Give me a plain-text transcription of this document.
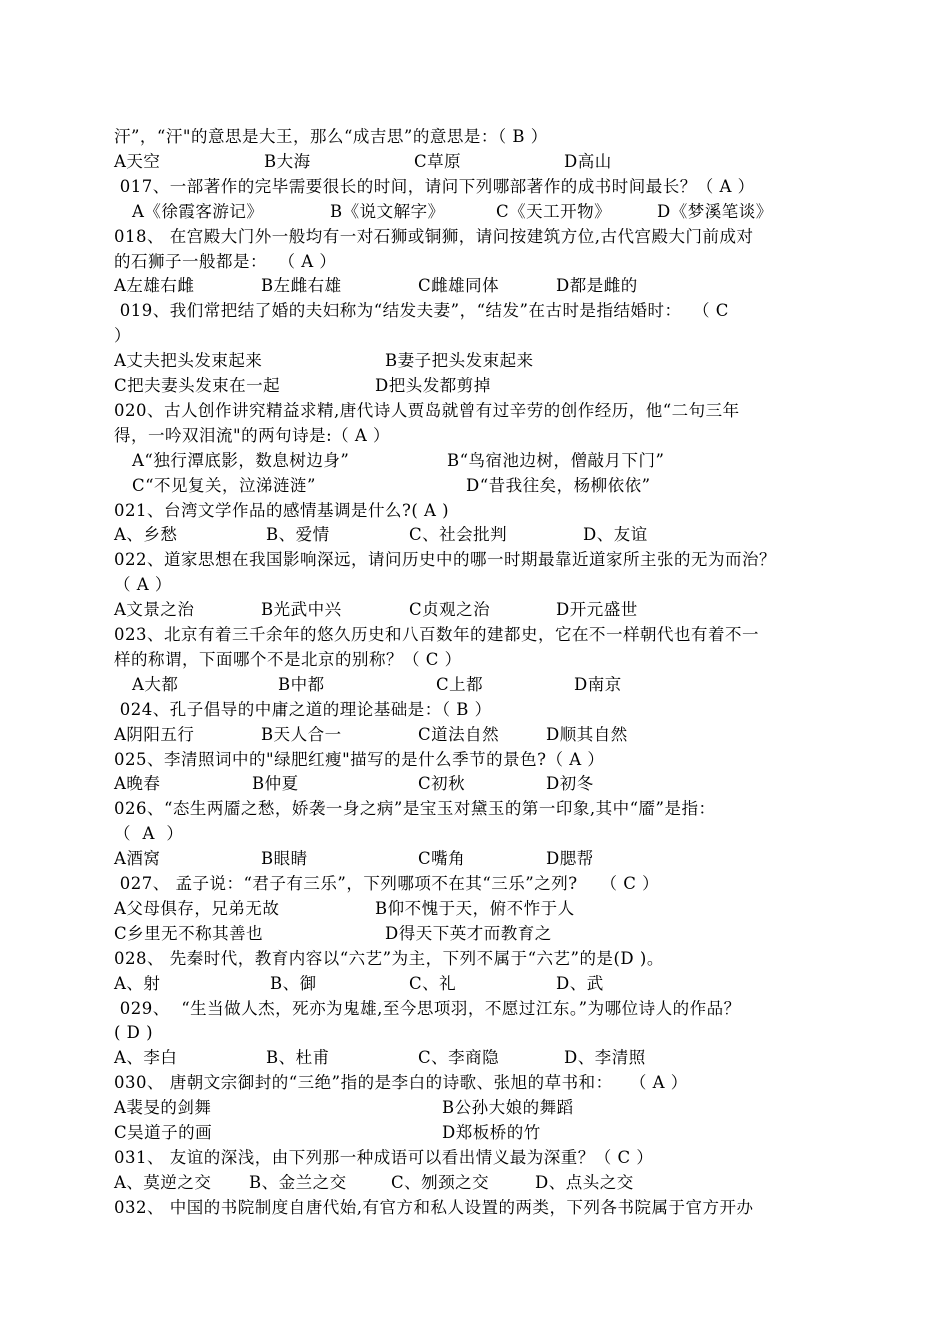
汗”，“汗"的意思是大王，那么“成吉思”的意思是：（ B ）
A天空	B大海	C草原	D高山
017、一部著作的完毕需要很长的时间，请问下列哪部著作的成书时间最长？（ A ）
A《徐霞客游记》	B《说文解字》	C《天工开物》	D《梦溪笔谈》
018、 在宫殿大门外一般均有一对石狮或铜狮，请问按建筑方位,古代宫殿大门前成对
的石狮子一般都是：  （ A ）
A左雄右雌	B左雌右雄	C雌雄同体	D都是雌的
019、我们常把结了婚的夫妇称为“结发夫妻”，“结发”在古时是指结婚时：  （ C
）
A丈夫把头发束起来	B妻子把头发束起来
C把夫妻头发束在一起	D把头发都剪掉
020、古人创作讲究精益求精,唐代诗人贾岛就曾有过辛劳的创作经历，他“二句三年
得，一吟双泪流"的两句诗是:（ A ）
A“独行潭底影，数息树边身”	B“鸟宿池边树，僧敲月下门”
C“不见复关，泣涕涟涟”	D“昔我往矣，杨柳依依”
021、台湾文学作品的感情基调是什么?( A )
A、乡愁	B、爱情	C、社会批判	D、友谊
022、道家思想在我国影响深远，请问历史中的哪一时期最靠近道家所主张的无为而治？
（ A ）
A文景之治	B光武中兴	C贞观之治	D开元盛世
023、北京有着三千余年的悠久历史和八百数年的建都史，它在不一样朝代也有着不一
样的称谓，下面哪个不是北京的别称？（ C ）
A大都	B中都	C上都	D南京
024、孔子倡导的中庸之道的理论基础是：（ B ）
A阴阳五行	B天人合一	C道法自然	D顺其自然
025、李清照词中的"绿肥红瘦"描写的是什么季节的景色?（ A ）
A晚春	B仲夏	C初秋	D初冬
026、“态生两靥之愁，娇袭一身之病”是宝玉对黛玉的第一印象,其中“靥”是指：
（  A  ）
A酒窝	B眼睛	C嘴角	D腮帮
027、 孟子说：“君子有三乐”，下列哪项不在其“三乐”之列?    （ C ）
A父母俱存，兄弟无故	B仰不愧于天，俯不怍于人
C乡里无不称其善也	D得天下英才而教育之
028、 先秦时代，教育内容以“六艺”为主，下列不属于“六艺”的是(D )。
A、射	B、御	C、礼	D、武
029、  “生当做人杰，死亦为鬼雄,至今思项羽，不愿过江东。”为哪位诗人的作品？
( D )
A、李白	B、杜甫	C、李商隐	D、李清照
030、 唐朝文宗御封的“三绝”指的是李白的诗歌、张旭的草书和：   （ A ）
A裴旻的剑舞	B公孙大娘的舞蹈
C吴道子的画	D郑板桥的竹
031、 友谊的深浅，由下列那一种成语可以看出情义最为深重？（ C ）
A、莫逆之交 B、金兰之交	C、刎颈之交	D、点头之交
032、 中国的书院制度自唐代始,有官方和私人设置的两类，下列各书院属于官方开办
